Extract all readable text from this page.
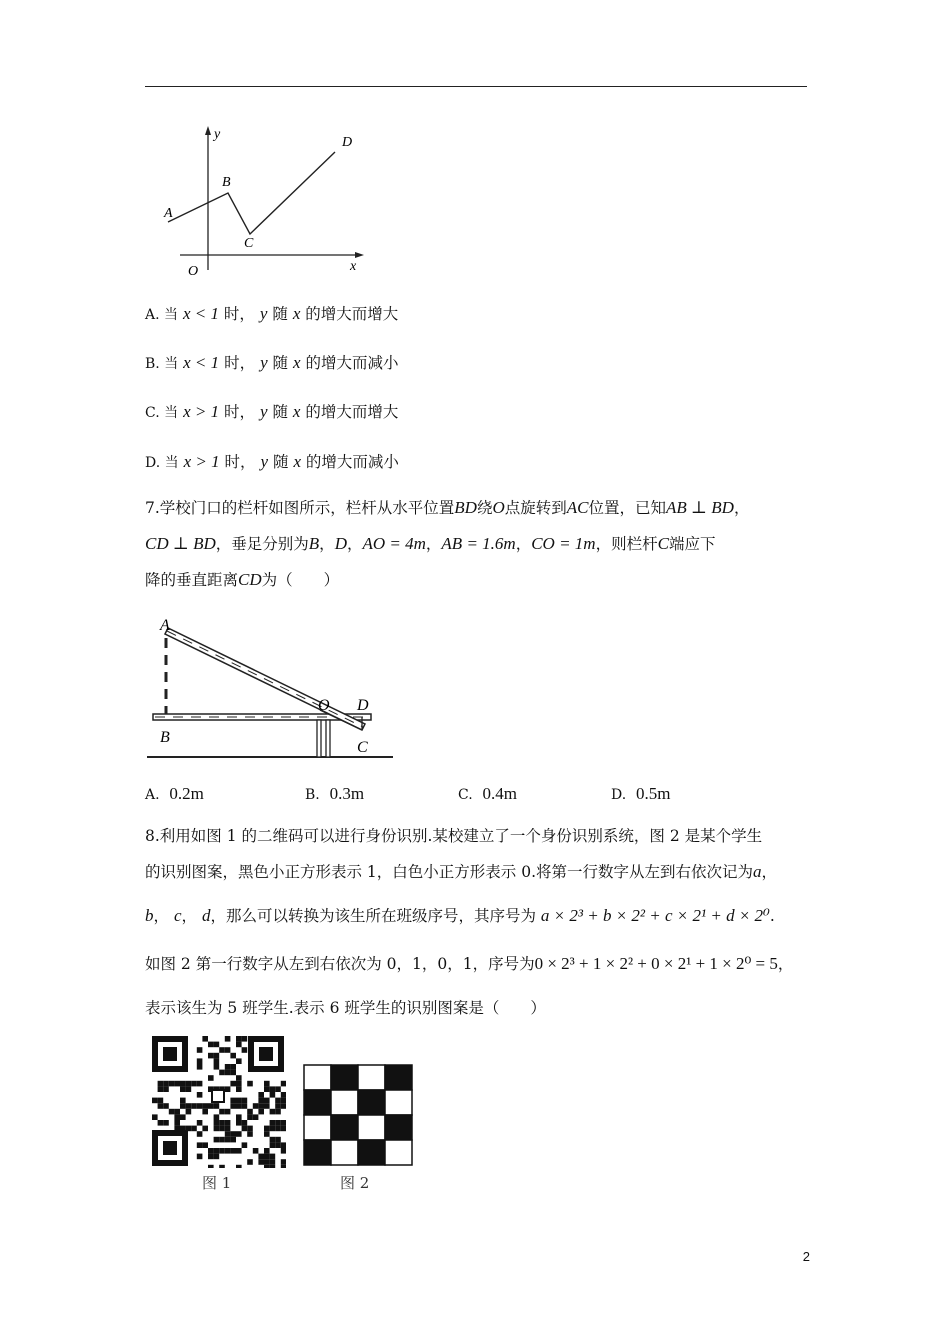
y
x
O
A
B
C
D
A. 当 x < 1 时， y 随 x 的增大而增大
B. 当 x < 1 时， y 随 x 的增大而减小
C. 当 x > 1 时， y 随 x 的增大而增大
D. 当 x > 1 时， y 随 x 的增大而减小
7.学校门口的栏杆如图所示，栏杆从水平位置BD绕O点旋转到AC位置，已知AB ⊥ BD，
CD ⊥ BD，垂足分别为B，D，AO = 4m，AB = 1.6m，CO = 1m，则栏杆C端应下
降的垂直距离CD为（　　）
A
B
O D
C
A. 0.2m	B. 0.3m	C. 0.4m	D. 0.5m
8.利用如图 1 的二维码可以进行身份识别.某校建立了一个身份识别系统，图 2 是某个学生
的识别图案，黑色小正方形表示 1，白色小正方形表示 0.将第一行数字从左到右依次记为a，
b， c， d，那么可以转换为该生所在班级序号，其序号为 a × 2³ + b × 2² + c × 2¹ + d × 2⁰.
如图 2 第一行数字从左到右依次为 0，1，0，1，序号为0 × 2³ + 1 × 2² + 0 × 2¹ + 1 × 2⁰ = 5，
表示该生为 5 班学生.表示 6 班学生的识别图案是（　　）
图 1	图 2
2
